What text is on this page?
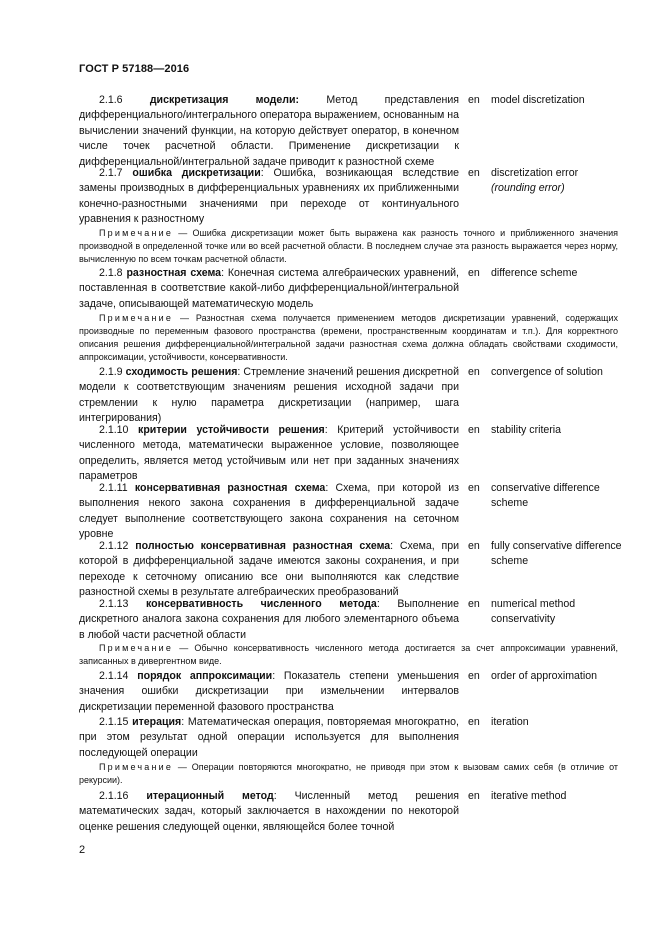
ГОСТ Р 57188—2016
2.1.6	дискретизация модели:	Метод представления дифференциального/интегрального оператора выражением, основанным на вычислении значений функции, на которую действует оператор, в конечном числе точек расчетной области. Применение дискретизации к дифференциальной/интегральной задаче приводит к разностной схеме
en model discretization
2.1.7 ошибка дискретизации: Ошибка, возникающая вследствие замены производных в дифференциальных уравнениях их приближенными конечно-разностными значениями при переходе от континуального уравнения к разностному
en discretization error
(rounding error)
Примечание — Ошибка дискретизации может быть выражена как разность точного и приближенного значения производной в определенной точке или во всей расчетной области. В последнем случае эта разность выражается через норму, вычисленную по всем точкам расчетной области.
2.1.8 разностная схема: Конечная система алгебраических уравнений, поставленная в соответствие какой-либо дифференциальной/интегральной задаче, описывающей математическую модель
en difference scheme
Примечание — Разностная схема получается применением методов дискретизации уравнений, содержащих производные по переменным фазового пространства (времени, пространственным координатам и т.п.). Для корректного описания решения дифференциальной/интегральной задачи разностная схема должна обладать свойствами сходимости, аппроксимации, устойчивости, консервативности.
2.1.9 сходимость решения: Стремление значений решения дискретной модели к соответствующим значениям решения исходной задачи при стремлении к нулю параметра дискретизации (например, шага интегрирования)
en convergence of solution
2.1.10 критерии устойчивости решения: Критерий устойчивости численного метода, математически выраженное условие, позволяющее определить, является метод устойчивым или нет при заданных значениях параметров
en stability criteria
2.1.11 консервативная разностная схема: Схема, при которой из выполнения некого закона сохранения в дифференциальной задаче следует выполнение соответствующего закона сохранения на сеточном уровне
en conservative difference scheme
2.1.12 полностью консервативная разностная схема: Схема, при которой в дифференциальной задаче имеются законы сохранения, и при переходе к сеточному описанию все они выполняются как следствие разностной схемы в результате алгебраических преобразований
en fully conservative difference scheme
2.1.13 консервативность численного метода: Выполнение дискретного аналога закона сохранения для любого элементарного объема в любой части расчетной области
en numerical method conservativity
Примечание — Обычно консервативность численного метода достигается за счет аппроксимации уравнений, записанных в дивергентном виде.
2.1.14 порядок аппроксимации: Показатель степени уменьшения значения ошибки дискретизации при измельчении интервалов дискретизации переменной фазового пространства
en order of approximation
2.1.15 итерация: Математическая операция, повторяемая многократно, при этом результат одной операции используется для выполнения последующей операции
en iteration
Примечание — Операции повторяются многократно, не приводя при этом к вызовам самих себя (в отличие от рекурсии).
2.1.16 итерационный метод: Численный метод решения математических задач, который заключается в нахождении по некоторой оценке решения следующей оценки, являющейся более точной
en iterative method
2
